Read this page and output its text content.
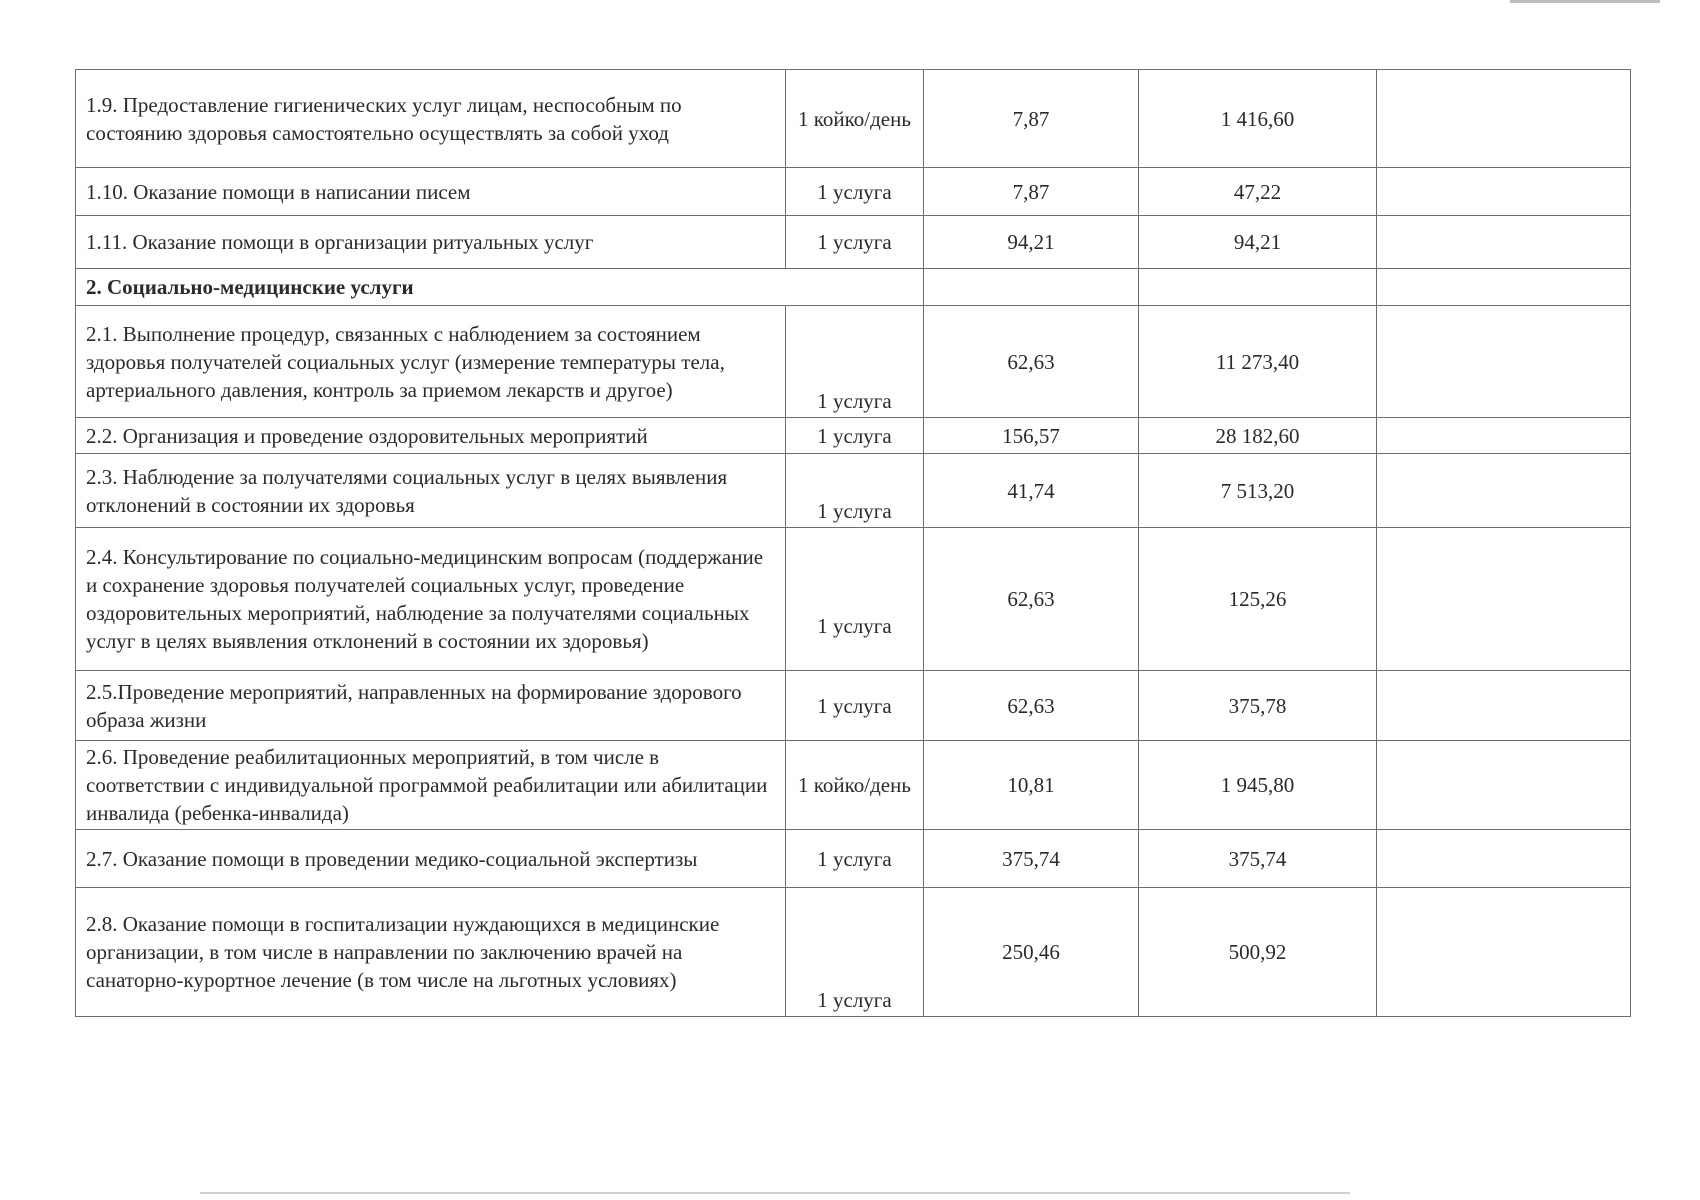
1.9. Предоставление гигиенических услуг лицам, неспособным по состоянию здоровья самостоятельно осуществлять за собой уход	1 койко/день	7,87	1 416,60	
1.10. Оказание помощи в написании писем	1 услуга	7,87	47,22	
1.11. Оказание помощи в организации ритуальных услуг	1 услуга	94,21	94,21	
2. Социально-медицинские услуги				
2.1. Выполнение процедур, связанных с наблюдением за состоянием здоровья получателей социальных услуг (измерение температуры тела, артериального давления, контроль за приемом лекарств и другое)	1 услуга	62,63	11 273,40	
2.2. Организация и проведение оздоровительных мероприятий	1 услуга	156,57	28 182,60	
2.3. Наблюдение за получателями социальных услуг в целях выявления отклонений в состоянии их здоровья	1 услуга	41,74	7 513,20	
2.4. Консультирование по социально-медицинским вопросам (поддержание и сохранение здоровья получателей социальных услуг, проведение оздоровительных мероприятий, наблюдение за получателями социальных услуг в целях выявления отклонений в состоянии их здоровья)	1 услуга	62,63	125,26	
2.5.Проведение мероприятий, направленных на формирование здорового образа жизни	1 услуга	62,63	375,78	
2.6. Проведение реабилитационных мероприятий, в том числе в соответствии с индивидуальной программой реабилитации или абилитации инвалида (ребенка-инвалида)	1 койко/день	10,81	1 945,80	
2.7. Оказание помощи в проведении медико-социальной экспертизы	1 услуга	375,74	375,74	
2.8. Оказание помощи в госпитализации нуждающихся в медицинские организации, в том числе в направлении по заключению врачей на санаторно-курортное лечение (в том числе на льготных условиях)	1 услуга	250,46	500,92	
